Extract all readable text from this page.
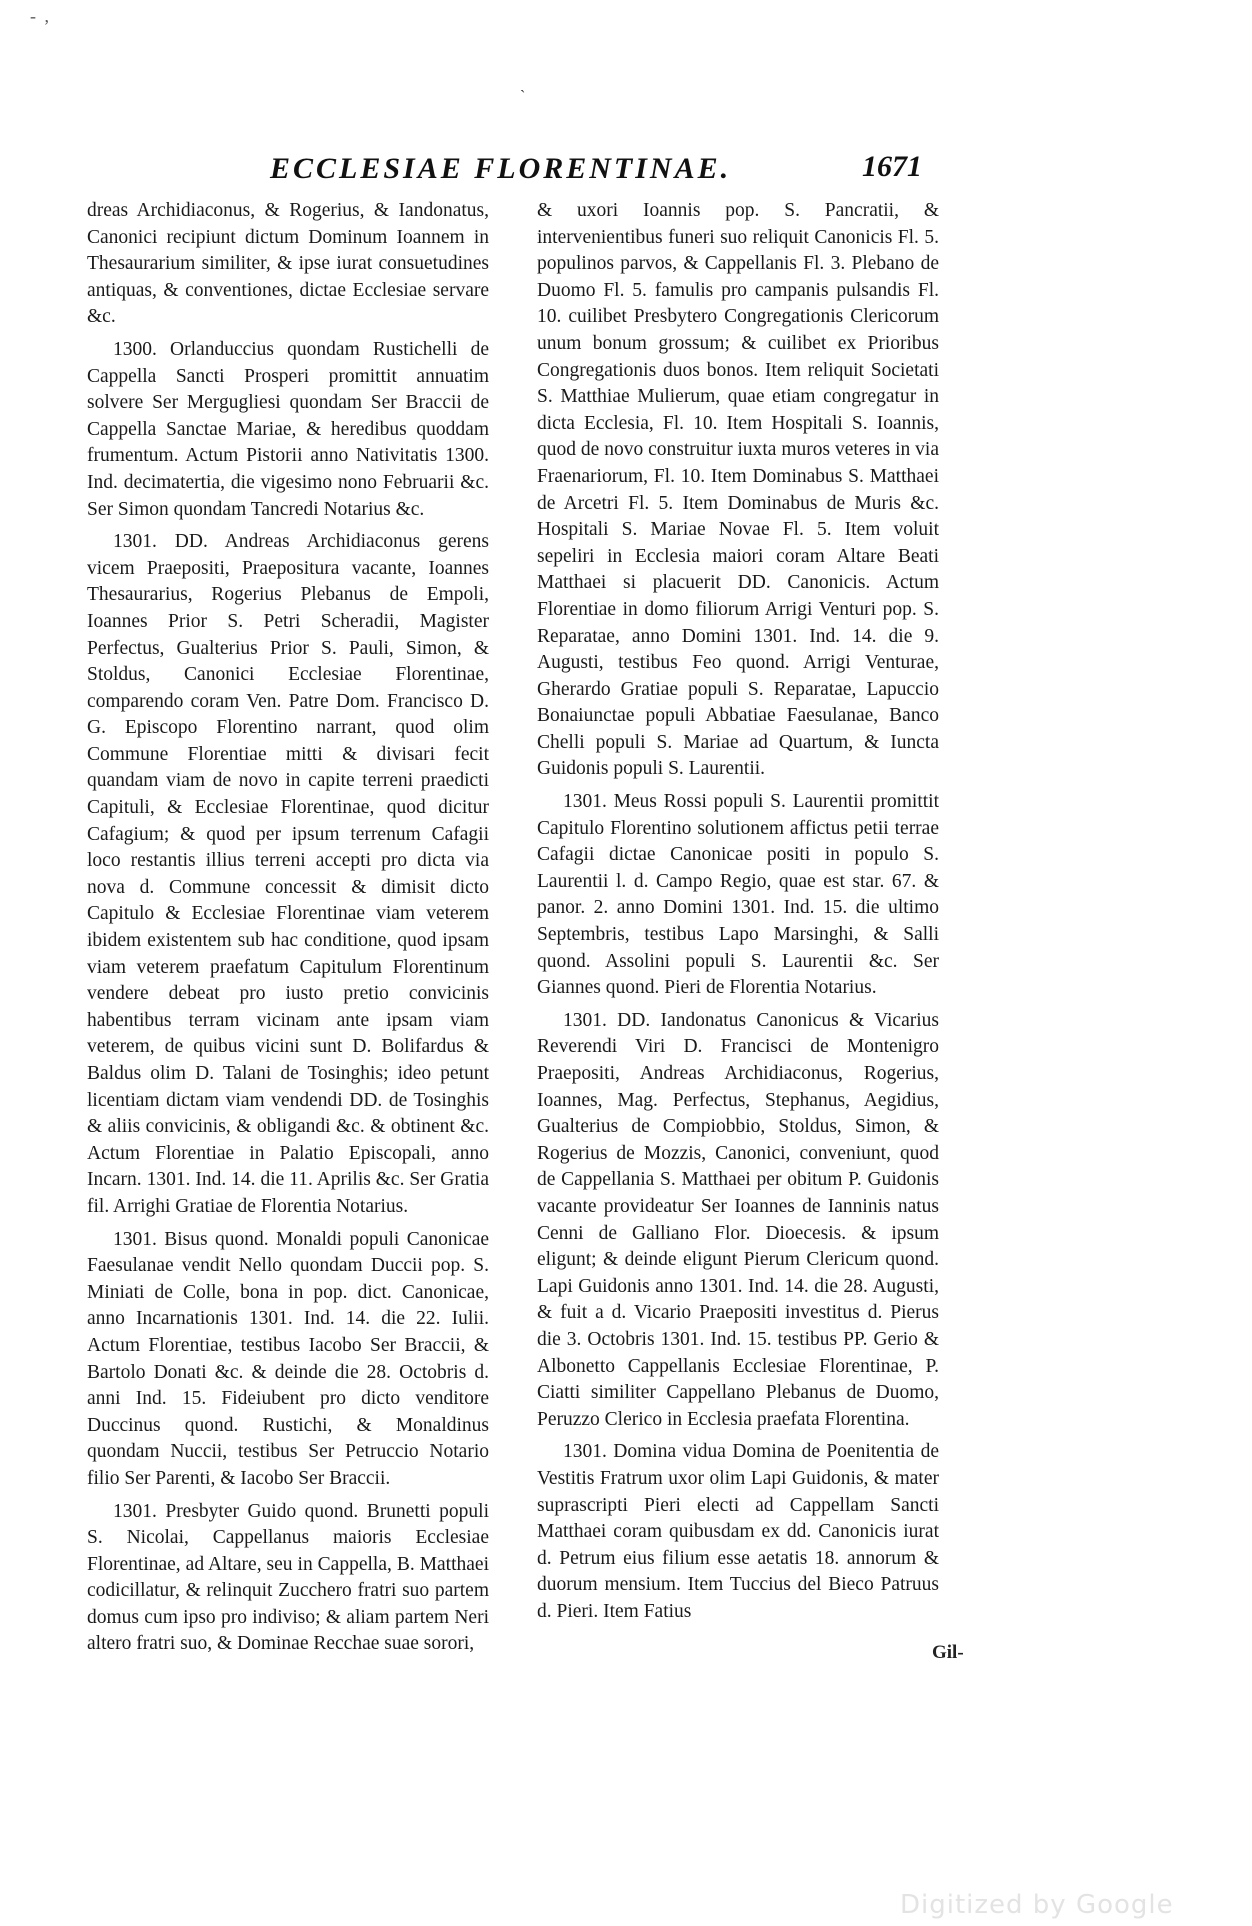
- ,
`
ECCLESIAE FLORENTINAE.	1671

dreas Archidiaconus, & Rogerius, & Iandonatus, Canonici recipiunt dictum Dominum Ioannem in Thesaurarium similiter, & ipse iurat consuetudines antiquas, & conventiones, dictae Ecclesiae servare &c.

1300. Orlanduccius quondam Rustichelli de Cappella Sancti Prosperi promittit annuatim solvere Ser Mergugliesi quondam Ser Braccii de Cappella Sanctae Mariae, & heredibus quoddam frumentum. Actum Pistorii anno Nativitatis 1300. Ind. decimatertia, die vigesimo nono Februarii &c. Ser Simon quondam Tancredi Notarius &c.

1301. DD. Andreas Archidiaconus gerens vicem Praepositi, Praepositura vacante, Ioannes Thesaurarius, Rogerius Plebanus de Empoli, Ioannes Prior S. Petri Scheradii, Magister Perfectus, Gualterius Prior S. Pauli, Simon, & Stoldus, Canonici Ecclesiae Florentinae, comparendo coram Ven. Patre Dom. Francisco D. G. Episcopo Florentino narrant, quod olim Commune Florentiae mitti & divisari fecit quandam viam de novo in capite terreni praedicti Capituli, & Ecclesiae Florentinae, quod dicitur Cafagium; & quod per ipsum terrenum Cafagii loco restantis illius terreni accepti pro dicta via nova d. Commune concessit & dimisit dicto Capitulo & Ecclesiae Florentinae viam veterem ibidem existentem sub hac conditione, quod ipsam viam veterem praefatum Capitulum Florentinum vendere debeat pro iusto pretio convicinis habentibus terram vicinam ante ipsam viam veterem, de quibus vicini sunt D. Bolifardus & Baldus olim D. Talani de Tosinghis; ideo petunt licentiam dictam viam vendendi DD. de Tosinghis & aliis convicinis, & obligandi &c. & obtinent &c. Actum Florentiae in Palatio Episcopali, anno Incarn. 1301. Ind. 14. die 11. Aprilis &c. Ser Gratia fil. Arrighi Gratiae de Florentia Notarius.

1301. Bisus quond. Monaldi populi Canonicae Faesulanae vendit Nello quondam Duccii pop. S. Miniati de Colle, bona in pop. dict. Canonicae, anno Incarnationis 1301. Ind. 14. die 22. Iulii. Actum Florentiae, testibus Iacobo Ser Braccii, & Bartolo Donati &c. & deinde die 28. Octobris d. anni Ind. 15. Fideiubent pro dicto venditore Duccinus quond. Rustichi, & Monaldinus quondam Nuccii, testibus Ser Petruccio Notario filio Ser Parenti, & Iacobo Ser Braccii.

1301. Presbyter Guido quond. Brunetti populi S. Nicolai, Cappellanus maioris Ecclesiae Florentinae, ad Altare, seu in Cappella, B. Matthaei codicillatur, & relinquit Zucchero fratri suo partem domus cum ipso pro indiviso; & aliam partem Neri altero fratri suo, & Dominae Recchae suae sorori,

& uxori Ioannis pop. S. Pancratii, & intervenientibus funeri suo reliquit Canonicis Fl. 5. populinos parvos, & Cappellanis Fl. 3. Plebano de Duomo Fl. 5. famulis pro campanis pulsandis Fl. 10. cuilibet Presbytero Congregationis Clericorum unum bonum grossum; & cuilibet ex Prioribus Congregationis duos bonos. Item reliquit Societati S. Matthiae Mulierum, quae etiam congregatur in dicta Ecclesia, Fl. 10. Item Hospitali S. Ioannis, quod de novo construitur iuxta muros veteres in via Fraenariorum, Fl. 10. Item Dominabus S. Matthaei de Arcetri Fl. 5. Item Dominabus de Muris &c. Hospitali S. Mariae Novae Fl. 5. Item voluit sepeliri in Ecclesia maiori coram Altare Beati Matthaei si placuerit DD. Canonicis. Actum Florentiae in domo filiorum Arrigi Venturi pop. S. Reparatae, anno Domini 1301. Ind. 14. die 9. Augusti, testibus Feo quond. Arrigi Venturae, Gherardo Gratiae populi S. Reparatae, Lapuccio Bonaiunctae populi Abbatiae Faesulanae, Banco Chelli populi S. Mariae ad Quartum, & Iuncta Guidonis populi S. Laurentii.

1301. Meus Rossi populi S. Laurentii promittit Capitulo Florentino solutionem affictus petii terrae Cafagii dictae Canonicae positi in populo S. Laurentii l. d. Campo Regio, quae est star. 67. & panor. 2. anno Domini 1301. Ind. 15. die ultimo Septembris, testibus Lapo Marsinghi, & Salli quond. Assolini populi S. Laurentii &c. Ser Giannes quond. Pieri de Florentia Notarius.

1301. DD. Iandonatus Canonicus & Vicarius Reverendi Viri D. Francisci de Montenigro Praepositi, Andreas Archidiaconus, Rogerius, Ioannes, Mag. Perfectus, Stephanus, Aegidius, Gualterius de Compiobbio, Stoldus, Simon, & Rogerius de Mozzis, Canonici, conveniunt, quod de Cappellania S. Matthaei per obitum P. Guidonis vacante provideatur Ser Ioannes de Ianninis natus Cenni de Galliano Flor. Dioecesis. & ipsum eligunt; & deinde eligunt Pierum Clericum quond. Lapi Guidonis anno 1301. Ind. 14. die 28. Augusti, & fuit a d. Vicario Praepositi investitus d. Pierus die 3. Octobris 1301. Ind. 15. testibus PP. Gerio & Albonetto Cappellanis Ecclesiae Florentinae, P. Ciatti similiter Cappellano Plebanus de Duomo, Peruzzo Clerico in Ecclesia praefata Florentina.

1301. Domina vidua Domina de Poenitentia de Vestitis Fratrum uxor olim Lapi Guidonis, & mater suprascripti Pieri electi ad Cappellam Sancti Matthaei coram quibusdam ex dd. Canonicis iurat d. Petrum eius filium esse aetatis 18. annorum & duorum mensium. Item Tuccius del Bieco Patruus d. Pieri. Item Fatius

Gil-
Digitized by Google
